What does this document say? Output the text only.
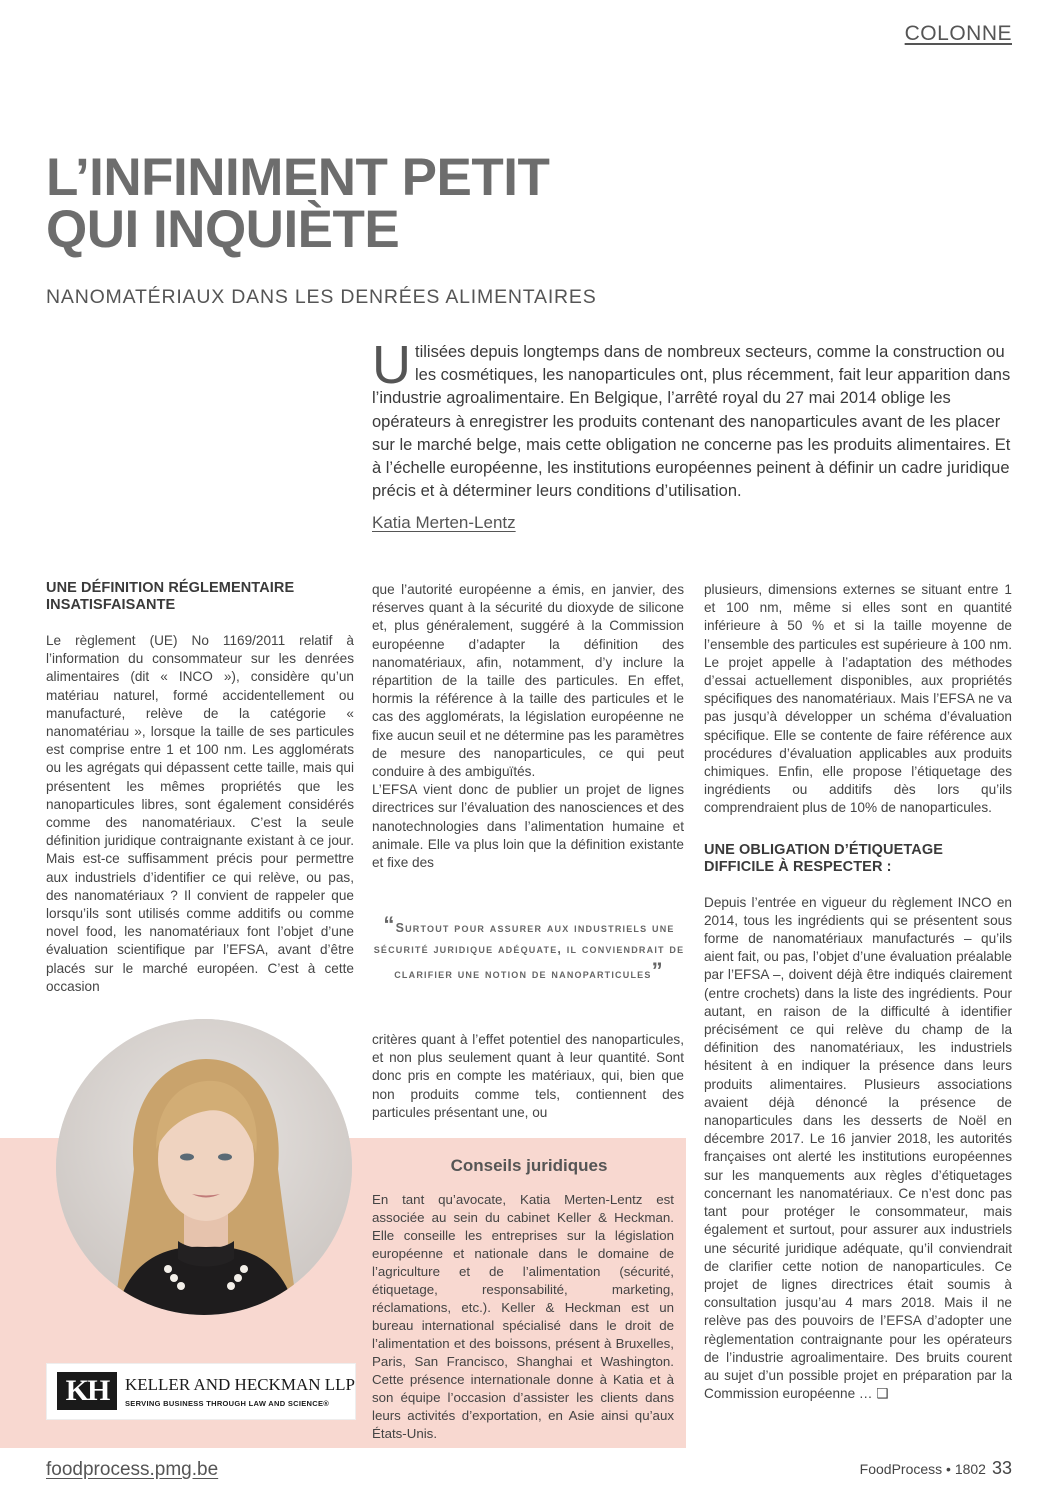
COLONNE
L’INFINIMENT PETIT
QUI INQUIÈTE
NANOMATÉRIAUX DANS LES DENRÉES ALIMENTAIRES
U tilisées depuis longtemps dans de nombreux secteurs, comme la construction ou les cosmétiques, les nanoparticules ont, plus récemment, fait leur apparition dans l’industrie agroalimentaire. En Belgique, l’arrêté royal du 27 mai 2014 oblige les opérateurs à enregistrer les produits contenant des nanoparticules avant de les placer sur le marché belge, mais cette obligation ne concerne pas les produits alimentaires. Et à l’échelle européenne, les institutions européennes peinent à définir un cadre juridique précis et à déterminer leurs conditions d’utilisation.
Katia Merten-Lentz
UNE DÉFINITION RÉGLEMENTAIRE INSATISFAISANTE
Le règlement (UE) No 1169/2011 relatif à l’information du consommateur sur les denrées alimentaires (dit « INCO »), considère qu’un matériau naturel, formé accidentellement ou manufacturé, relève de la catégorie « nanomatériau », lorsque la taille de ses particules est comprise entre 1 et 100 nm. Les agglomérats ou les agrégats qui dépassent cette taille, mais qui présentent les mêmes propriétés que les nanoparticules libres, sont également considérés comme des nanomatériaux. C’est la seule définition juridique contraignante existant à ce jour. Mais est-ce suffisamment précis pour permettre aux industriels d’identifier ce qui relève, ou pas, des nanomatériaux ? Il convient de rappeler que lorsqu’ils sont utilisés comme additifs ou comme novel food, les nanomatériaux font l’objet d’une évaluation scientifique par l’EFSA, avant d’être placés sur le marché européen. C’est à cette occasion
KH KELLER AND HECKMAN LLP
SERVING BUSINESS THROUGH LAW AND SCIENCE®

que l’autorité européenne a émis, en janvier, des réserves quant à la sécurité du dioxyde de silicone et, plus généralement, suggéré à la Commission européenne d’adapter la définition des nanomatériaux, afin, notamment, d’y inclure la répartition de la taille des particules. En effet, hormis la référence à la taille des particules et le cas des agglomérats, la législation européenne ne fixe aucun seuil et ne détermine pas les paramètres de mesure des nanoparticules, ce qui peut conduire à des ambiguïtés.

L’EFSA vient donc de publier un projet de lignes directrices sur l’évaluation des nanosciences et des nanotechnologies dans l’alimentation humaine et animale. Elle va plus loin que la définition existante et fixe des

“Surtout pour assurer aux industriels une sécurité juridique adéquate, il conviendrait de clarifier une notion de nanoparticules”
critères quant à l’effet potentiel des nanoparticules, et non plus seulement quant à leur quantité. Sont donc pris en compte les matériaux, qui, bien que non produits comme tels, contiennent des particules présentant une, ou
Conseils juridiques
En tant qu’avocate, Katia Merten-Lentz est associée au sein du cabinet Keller & Heckman. Elle conseille les entreprises sur la législation européenne et nationale dans le domaine de l’agriculture et de l’alimentation (sécurité, étiquetage, responsabilité, marketing, réclamations, etc.). Keller & Heckman est un bureau international spécialisé dans le droit de l’alimentation et des boissons, présent à Bruxelles, Paris, San Francisco, Shanghai et Washington. Cette présence internationale donne à Katia et à son équipe l’occasion d’assister les clients dans leurs activités d’exportation, en Asie ainsi qu’aux États-Unis.
plusieurs, dimensions externes se situant entre 1 et 100 nm, même si elles sont en quantité inférieure à 50 % et si la taille moyenne de l’ensemble des particules est supérieure à 100 nm. Le projet appelle à l’adaptation des méthodes d’essai actuellement disponibles, aux propriétés spécifiques des nanomatériaux. Mais l’EFSA ne va pas jusqu’à développer un schéma d’évaluation spécifique. Elle se contente de faire référence aux procédures d’évaluation applicables aux produits chimiques. Enfin, elle propose l’étiquetage des ingrédients ou additifs dès lors qu’ils comprendraient plus de 10% de nanoparticules.
UNE OBLIGATION D’ÉTIQUETAGE DIFFICILE À RESPECTER :
Depuis l’entrée en vigueur du règlement INCO en 2014, tous les ingrédients qui se présentent sous forme de nanomatériaux manufacturés – qu’ils aient fait, ou pas, l’objet d’une évaluation préalable par l’EFSA –, doivent déjà être indiqués clairement (entre crochets) dans la liste des ingrédients. Pour autant, en raison de la difficulté à identifier précisément ce qui relève du champ de la définition des nanomatériaux, les industriels hésitent à en indiquer la présence dans leurs produits alimentaires. Plusieurs associations avaient déjà dénoncé la présence de nanoparticules dans les desserts de Noël en décembre 2017. Le 16 janvier 2018, les autorités françaises ont alerté les institutions européennes sur les manquements aux règles d’étiquetages concernant les nanomatériaux. Ce n’est donc pas tant pour protéger le consommateur, mais également et surtout, pour assurer aux industriels une sécurité juridique adéquate, qu’il conviendrait de clarifier cette notion de nanoparticules. Ce projet de lignes directrices était soumis à consultation jusqu’au 4 mars 2018. Mais il ne relève pas des pouvoirs de l’EFSA d’adopter une règlementation contraignante pour les opérateurs de l’industrie agroalimentaire. Des bruits courent au sujet d’un possible projet en préparation par la Commission européenne … ❑
foodprocess.pmg.be	FoodProcess • 1802 33
